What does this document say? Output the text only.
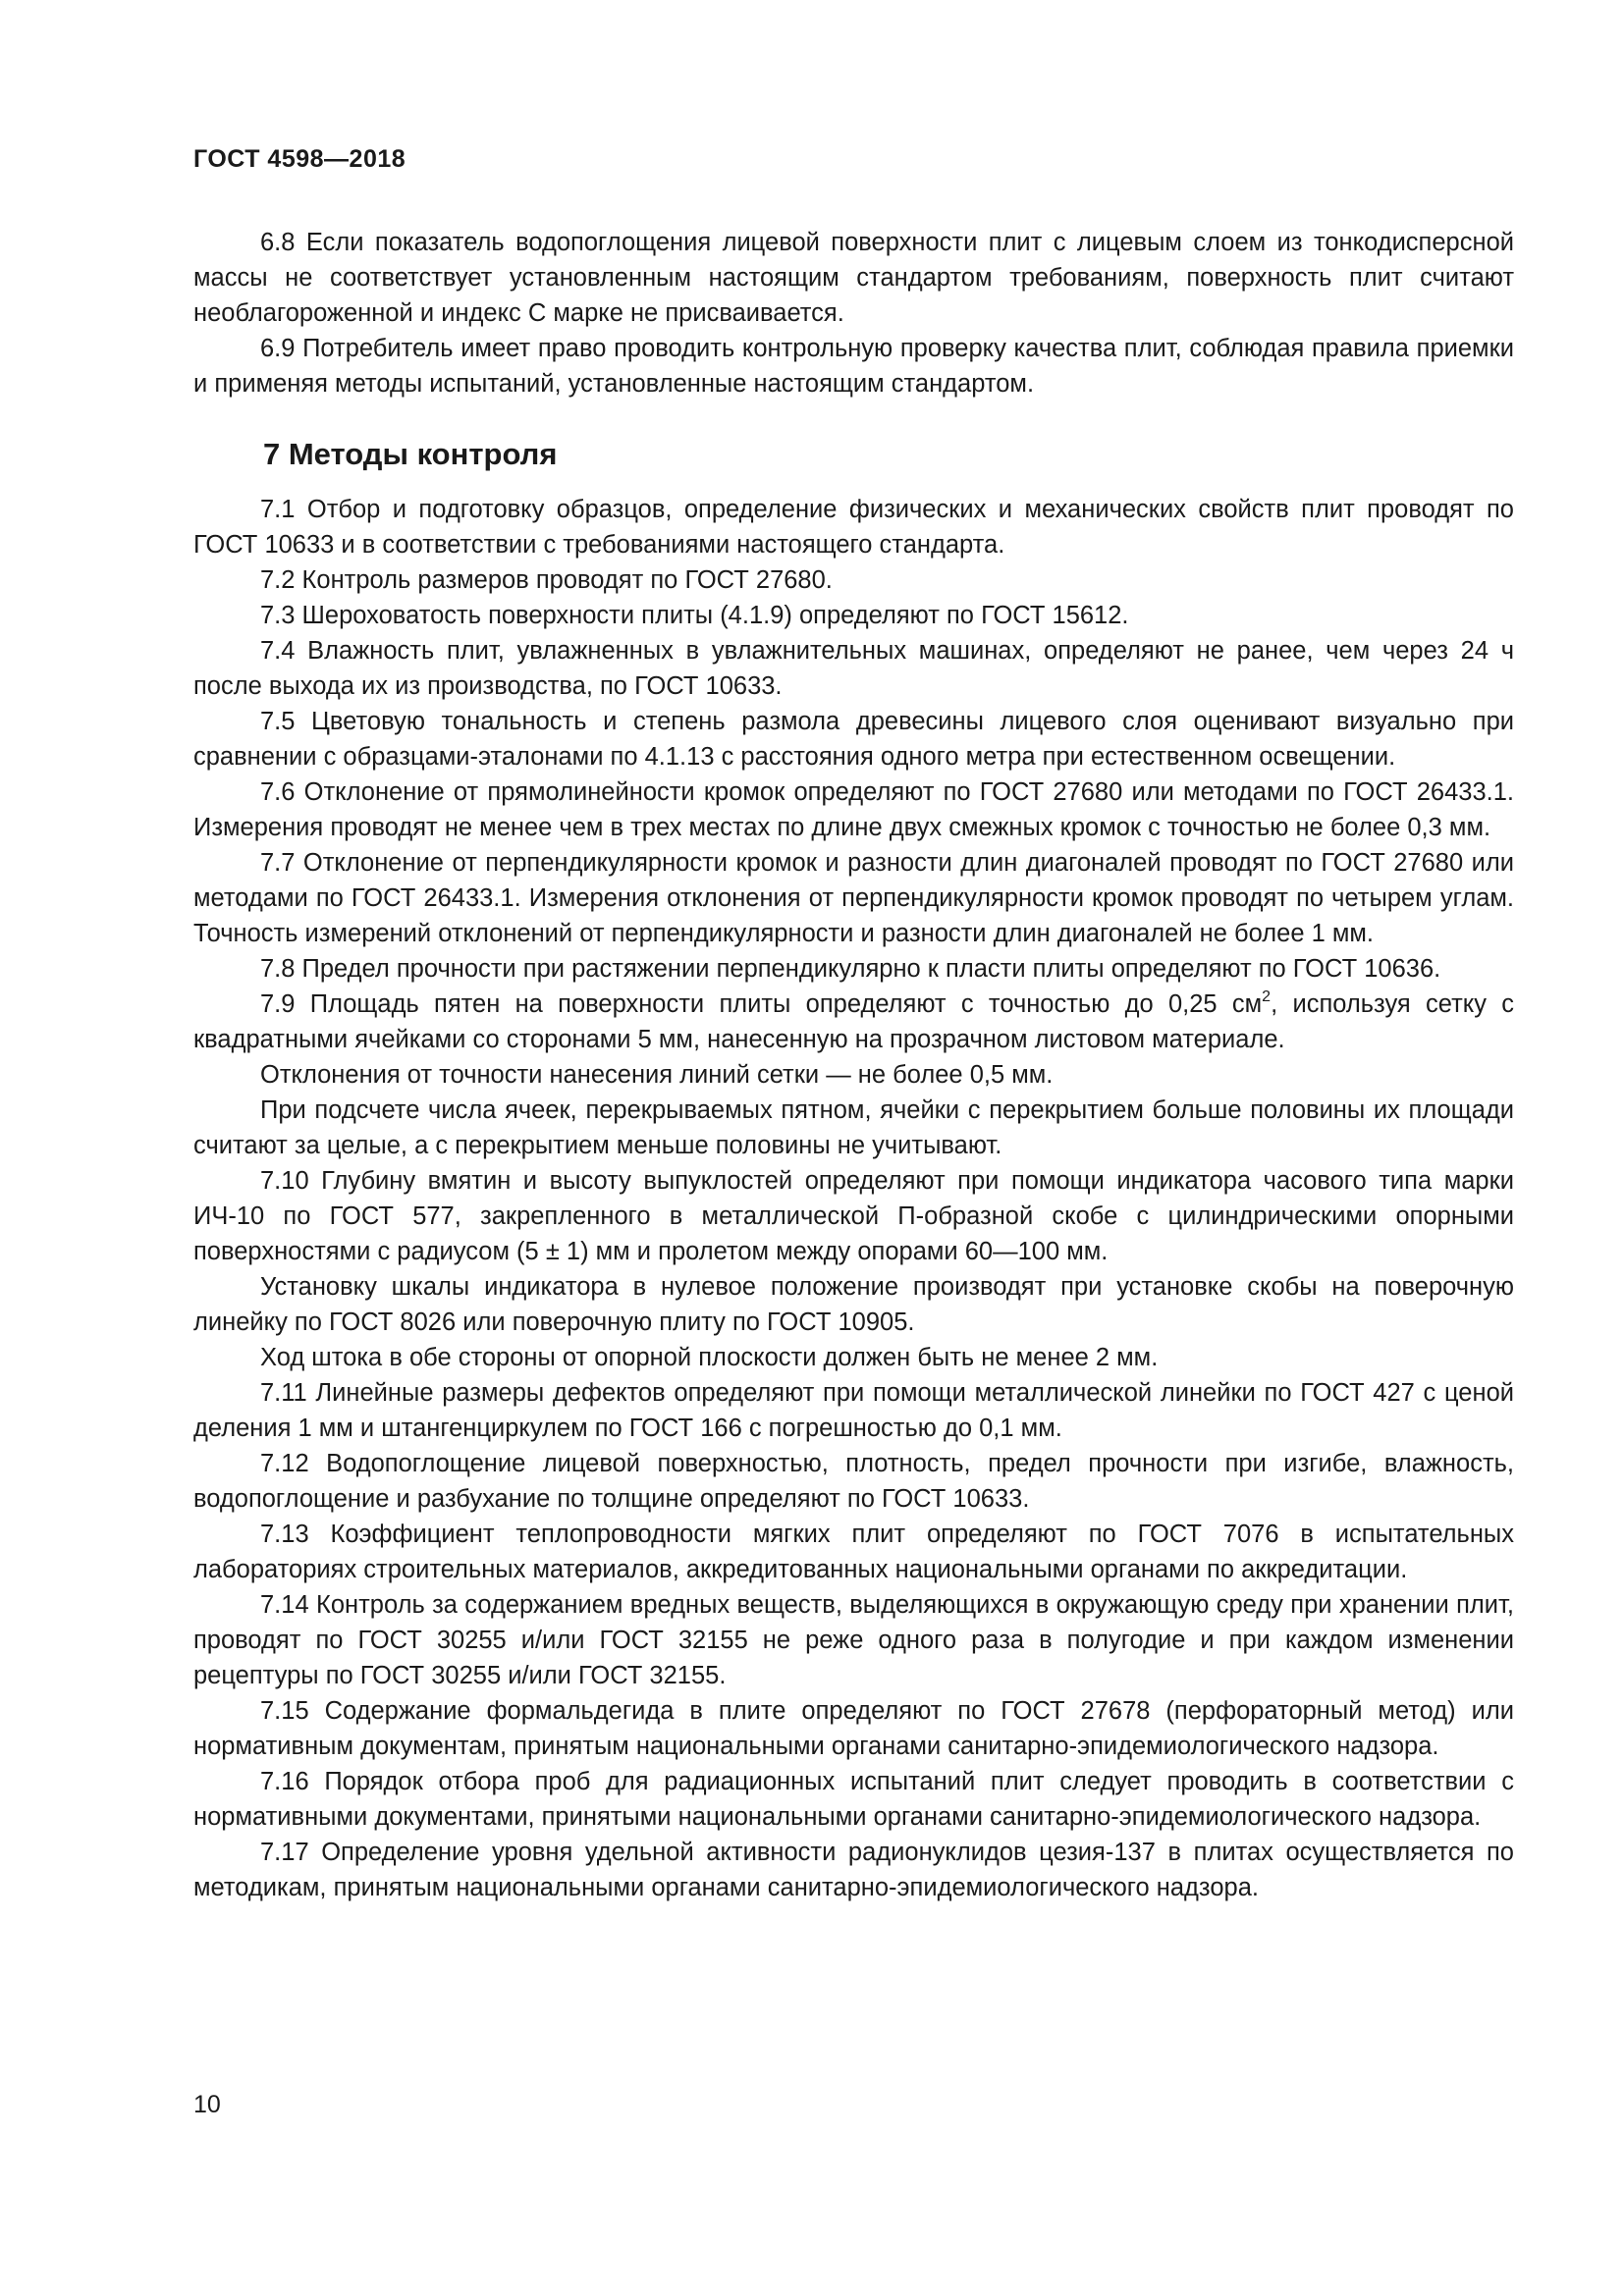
ГОСТ 4598—2018

6.8 Если показатель водопоглощения лицевой поверхности плит с лицевым слоем из тонкодисперсной массы не соответствует установленным настоящим стандартом требованиям, поверхность плит считают необлагороженной и индекс С марке не присваивается.

6.9 Потребитель имеет право проводить контрольную проверку качества плит, соблюдая правила приемки и применяя методы испытаний, установленные настоящим стандартом.

7 Методы контроля

7.1 Отбор и подготовку образцов, определение физических и механических свойств плит проводят по ГОСТ 10633 и в соответствии с требованиями настоящего стандарта.

7.2 Контроль размеров проводят по ГОСТ 27680.

7.3 Шероховатость поверхности плиты (4.1.9) определяют по ГОСТ 15612.

7.4 Влажность плит, увлажненных в увлажнительных машинах, определяют не ранее, чем через 24 ч после выхода их из производства, по ГОСТ 10633.

7.5 Цветовую тональность и степень размола древесины лицевого слоя оценивают визуально при сравнении с образцами-эталонами по 4.1.13 с расстояния одного метра при естественном освещении.

7.6 Отклонение от прямолинейности кромок определяют по ГОСТ 27680 или методами по ГОСТ 26433.1. Измерения проводят не менее чем в трех местах по длине двух смежных кромок с точностью не более 0,3 мм.

7.7 Отклонение от перпендикулярности кромок и разности длин диагоналей проводят по ГОСТ 27680 или методами по ГОСТ 26433.1. Измерения отклонения от перпендикулярности кромок проводят по четырем углам. Точность измерений отклонений от перпендикулярности и разности длин диагоналей не более 1 мм.

7.8 Предел прочности при растяжении перпендикулярно к пласти плиты определяют по ГОСТ 10636.

7.9 Площадь пятен на поверхности плиты определяют с точностью до 0,25 $см^2$, используя сетку с квадратными ячейками со сторонами 5 мм, нанесенную на прозрачном листовом материале.

Отклонения от точности нанесения линий сетки — не более 0,5 мм.

При подсчете числа ячеек, перекрываемых пятном, ячейки с перекрытием больше половины их площади считают за целые, а с перекрытием меньше половины не учитывают.

7.10 Глубину вмятин и высоту выпуклостей определяют при помощи индикатора часового типа марки ИЧ-10 по ГОСТ 577, закрепленного в металлической П-образной скобе с цилиндрическими опорными поверхностями с радиусом (5 ± 1) мм и пролетом между опорами 60—100 мм.

Установку шкалы индикатора в нулевое положение производят при установке скобы на поверочную линейку по ГОСТ 8026 или поверочную плиту по ГОСТ 10905.

Ход штока в обе стороны от опорной плоскости должен быть не менее 2 мм.

7.11 Линейные размеры дефектов определяют при помощи металлической линейки по ГОСТ 427 с ценой деления 1 мм и штангенциркулем по ГОСТ 166 с погрешностью до 0,1 мм.

7.12 Водопоглощение лицевой поверхностью, плотность, предел прочности при изгибе, влажность, водопоглощение и разбухание по толщине определяют по ГОСТ 10633.

7.13 Коэффициент теплопроводности мягких плит определяют по ГОСТ 7076 в испытательных лабораториях строительных материалов, аккредитованных национальными органами по аккредитации.

7.14 Контроль за содержанием вредных веществ, выделяющихся в окружающую среду при хранении плит, проводят по ГОСТ 30255 и/или ГОСТ 32155 не реже одного раза в полугодие и при каждом изменении рецептуры по ГОСТ 30255 и/или ГОСТ 32155.

7.15 Содержание формальдегида в плите определяют по ГОСТ 27678 (перфораторный метод) или нормативным документам, принятым национальными органами санитарно-эпидемиологического надзора.

7.16 Порядок отбора проб для радиационных испытаний плит следует проводить в соответствии с нормативными документами, принятыми национальными органами санитарно-эпидемиологического надзора.

7.17 Определение уровня удельной активности радионуклидов цезия-137 в плитах осуществляется по методикам, принятым национальными органами санитарно-эпидемиологического надзора.

10
